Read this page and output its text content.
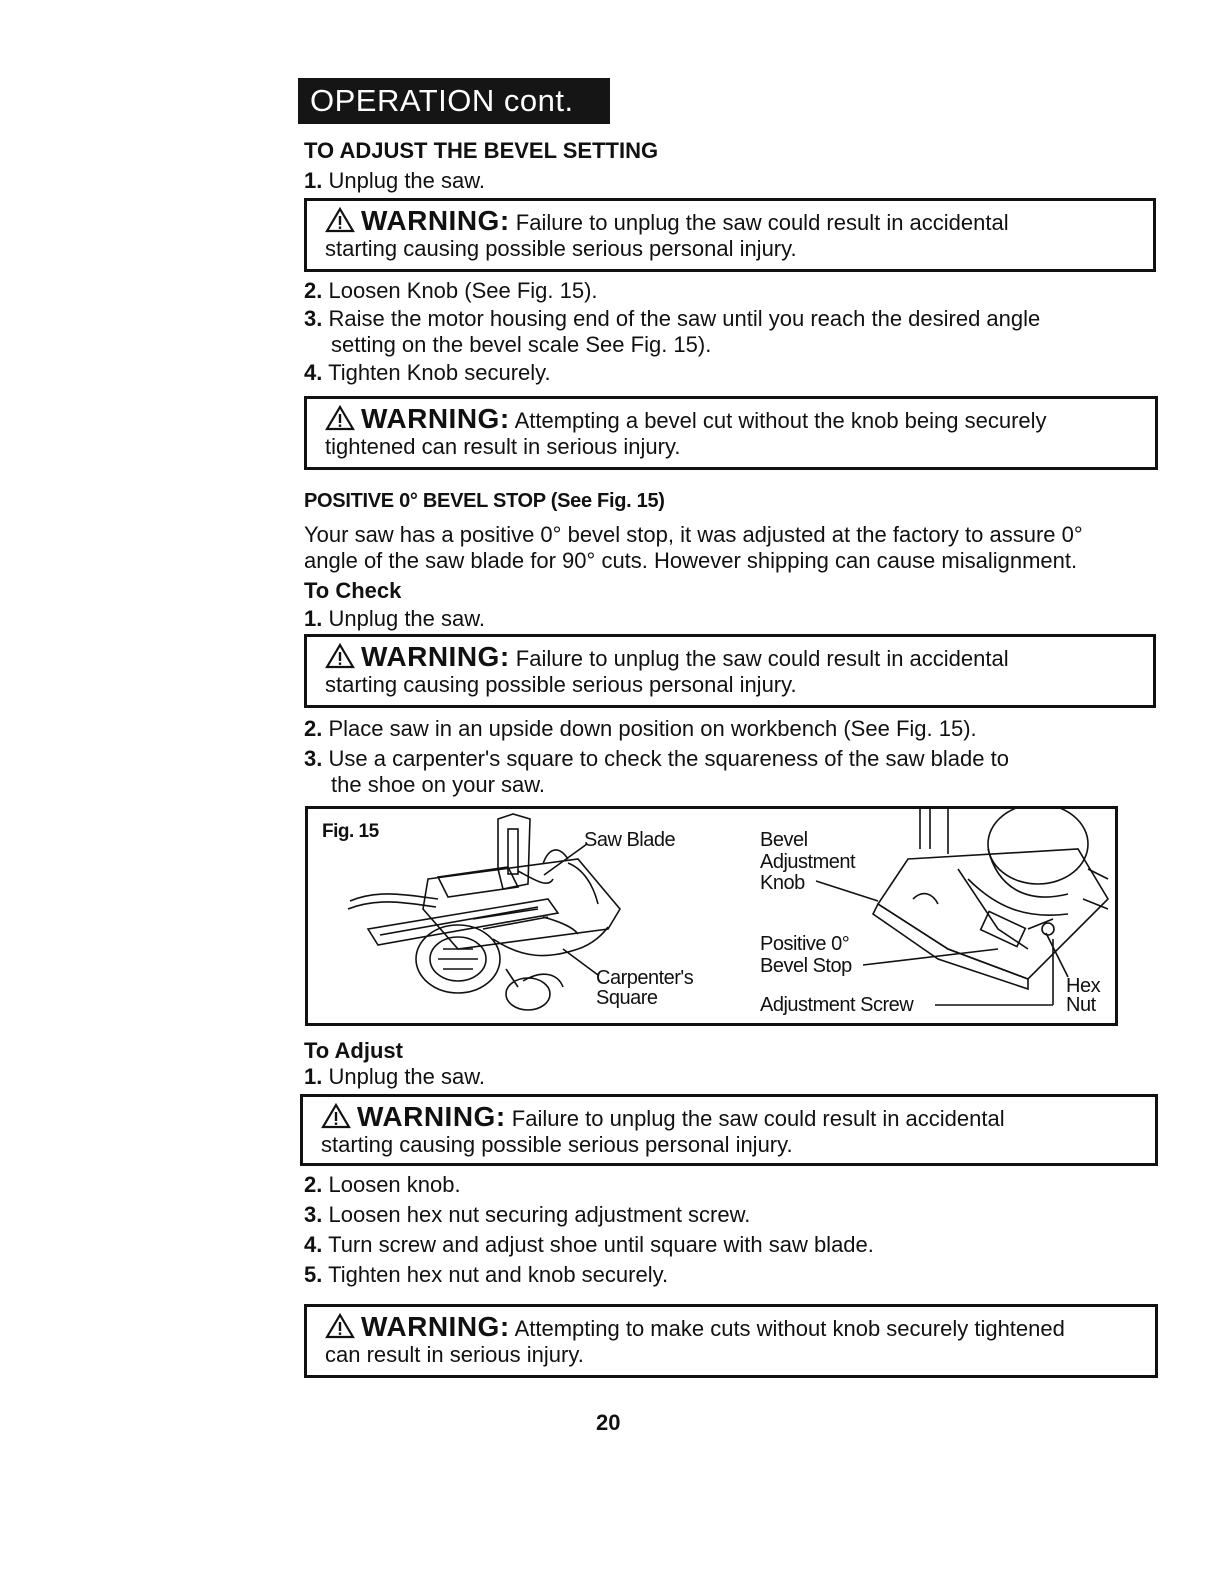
OPERATION cont.
TO ADJUST THE BEVEL SETTING
1. Unplug the saw.
WARNING: Failure to unplug the saw could result in accidental
starting causing possible serious personal injury.
2. Loosen Knob (See Fig. 15).
3. Raise the motor housing end of the saw until you reach the desired angle
setting on the bevel scale See Fig. 15).
4. Tighten Knob securely.
WARNING: Attempting a bevel cut without the knob being securely
tightened can result in serious injury.
POSITIVE 0° BEVEL STOP (See Fig. 15)
Your saw has a positive 0° bevel stop, it was adjusted at the factory to assure 0°
angle of the saw blade for 90° cuts. However shipping can cause misalignment.
To Check
1. Unplug the saw.
WARNING: Failure to unplug the saw could result in accidental
starting causing possible serious personal injury.
2. Place saw in an upside down position on workbench (See Fig. 15).
3. Use a carpenter's square to check the squareness of the saw blade to
the shoe on your saw.
Fig. 15	Saw Blade
Carpenter's
Square
Bevel
Adjustment
Knob
Positive 0°
Bevel Stop
Adjustment Screw
Hex
Nut
To Adjust
1. Unplug the saw.
WARNING: Failure to unplug the saw could result in accidental
starting causing possible serious personal injury.
2. Loosen knob.
3. Loosen hex nut securing adjustment screw.
4. Turn screw and adjust shoe until square with saw blade.
5. Tighten hex nut and knob securely.
WARNING: Attempting to make cuts without knob securely tightened
can result in serious injury.
20
